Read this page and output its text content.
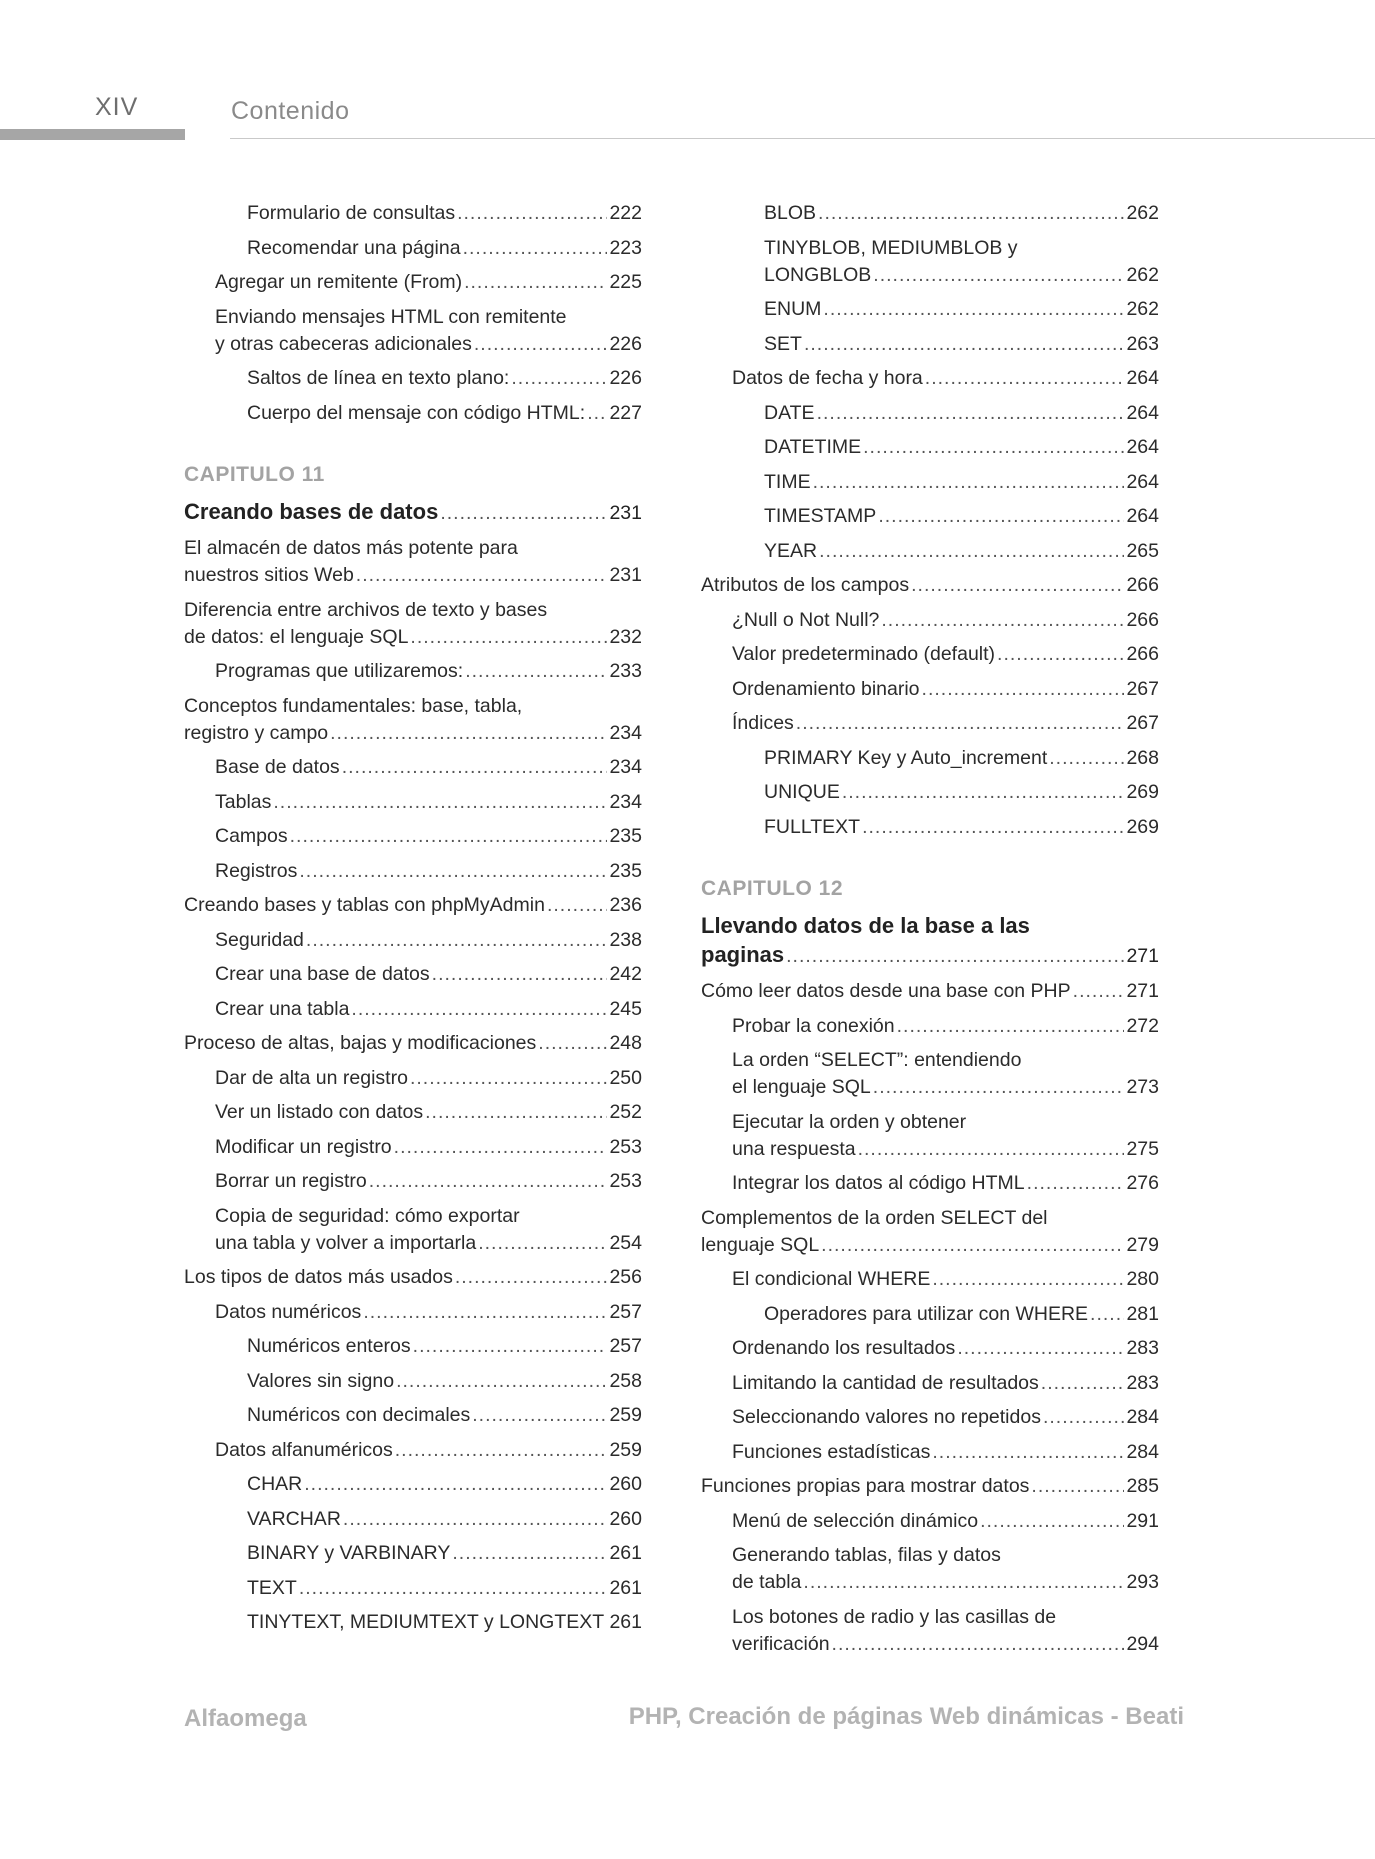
XIV	Contenido
Formulario de consultas .....	222
Recomendar una página .....	223
Agregar un remitente (From) .....	225
Enviando mensajes HTML con remitente
y otras cabeceras adicionales .....	226
Saltos de línea en texto plano: .....	226
Cuerpo del mensaje con código HTML: ..... 227
CAPITULO 11
Creando bases de datos .....	231
El almacén de datos más potente para
nuestros sitios Web .....	231
Diferencia entre archivos de texto y bases
de datos: el lenguaje SQL .....	232
Programas que utilizaremos: .....	233
Conceptos fundamentales: base, tabla,
registro y campo .....	234
Base de datos .....	234
Tablas .....	234
Campos .....	235
Registros .....	235
Creando bases y tablas con phpMyAdmin .....	236
Seguridad .....	238
Crear una base de datos .....	242
Crear una tabla .....	245
Proceso de altas, bajas y modificaciones .....	248
Dar de alta un registro .....	250
Ver un listado con datos .....	252
Modificar un registro .....	253
Borrar un registro .....	253
Copia de seguridad: cómo exportar
una tabla y volver a importarla .....	254
Los tipos de datos más usados .....	256
Datos numéricos .....	257
Numéricos enteros .....	257
Valores sin signo .....	258
Numéricos con decimales .....	259
Datos alfanuméricos .....	259
CHAR .....	260
VARCHAR .....	260
BINARY y VARBINARY .....	261
TEXT .....	261
TINYTEXT, MEDIUMTEXT y LONGTEXT ..... 261
BLOB .....	262
TINYBLOB, MEDIUMBLOB y
LONGBLOB .....	262
ENUM .....	262
SET .....	263
Datos de fecha y hora .....	264
DATE .....	264
DATETIME .....	264
TIME .....	264
TIMESTAMP .....	264
YEAR .....	265
Atributos de los campos .....	266
¿Null o Not Null? .....	266
Valor predeterminado (default) .....	266
Ordenamiento binario .....	267
Índices .....	267
PRIMARY Key y Auto_increment .....	268
UNIQUE .....	269
FULLTEXT .....	269
CAPITULO 12
Llevando datos de la base a las
paginas .....	271
Cómo leer datos desde una base con PHP .....	271
Probar la conexión .....	272
La orden “SELECT”: entendiendo
el lenguaje SQL .....	273
Ejecutar la orden y obtener
una respuesta .....	275
Integrar los datos al código HTML .....	276
Complementos de la orden SELECT del
lenguaje SQL .....	279
El condicional WHERE .....	280
Operadores para utilizar con WHERE ..... 281
Ordenando los resultados .....	283
Limitando la cantidad de resultados .....	283
Seleccionando valores no repetidos .....	284
Funciones estadísticas .....	284
Funciones propias para mostrar datos .....	285
Menú de selección dinámico .....	291
Generando tablas, filas y datos
de tabla .....	293
Los botones de radio y las casillas de
verificación .....	294
Alfaomega	PHP, Creación de páginas Web dinámicas - Beati
